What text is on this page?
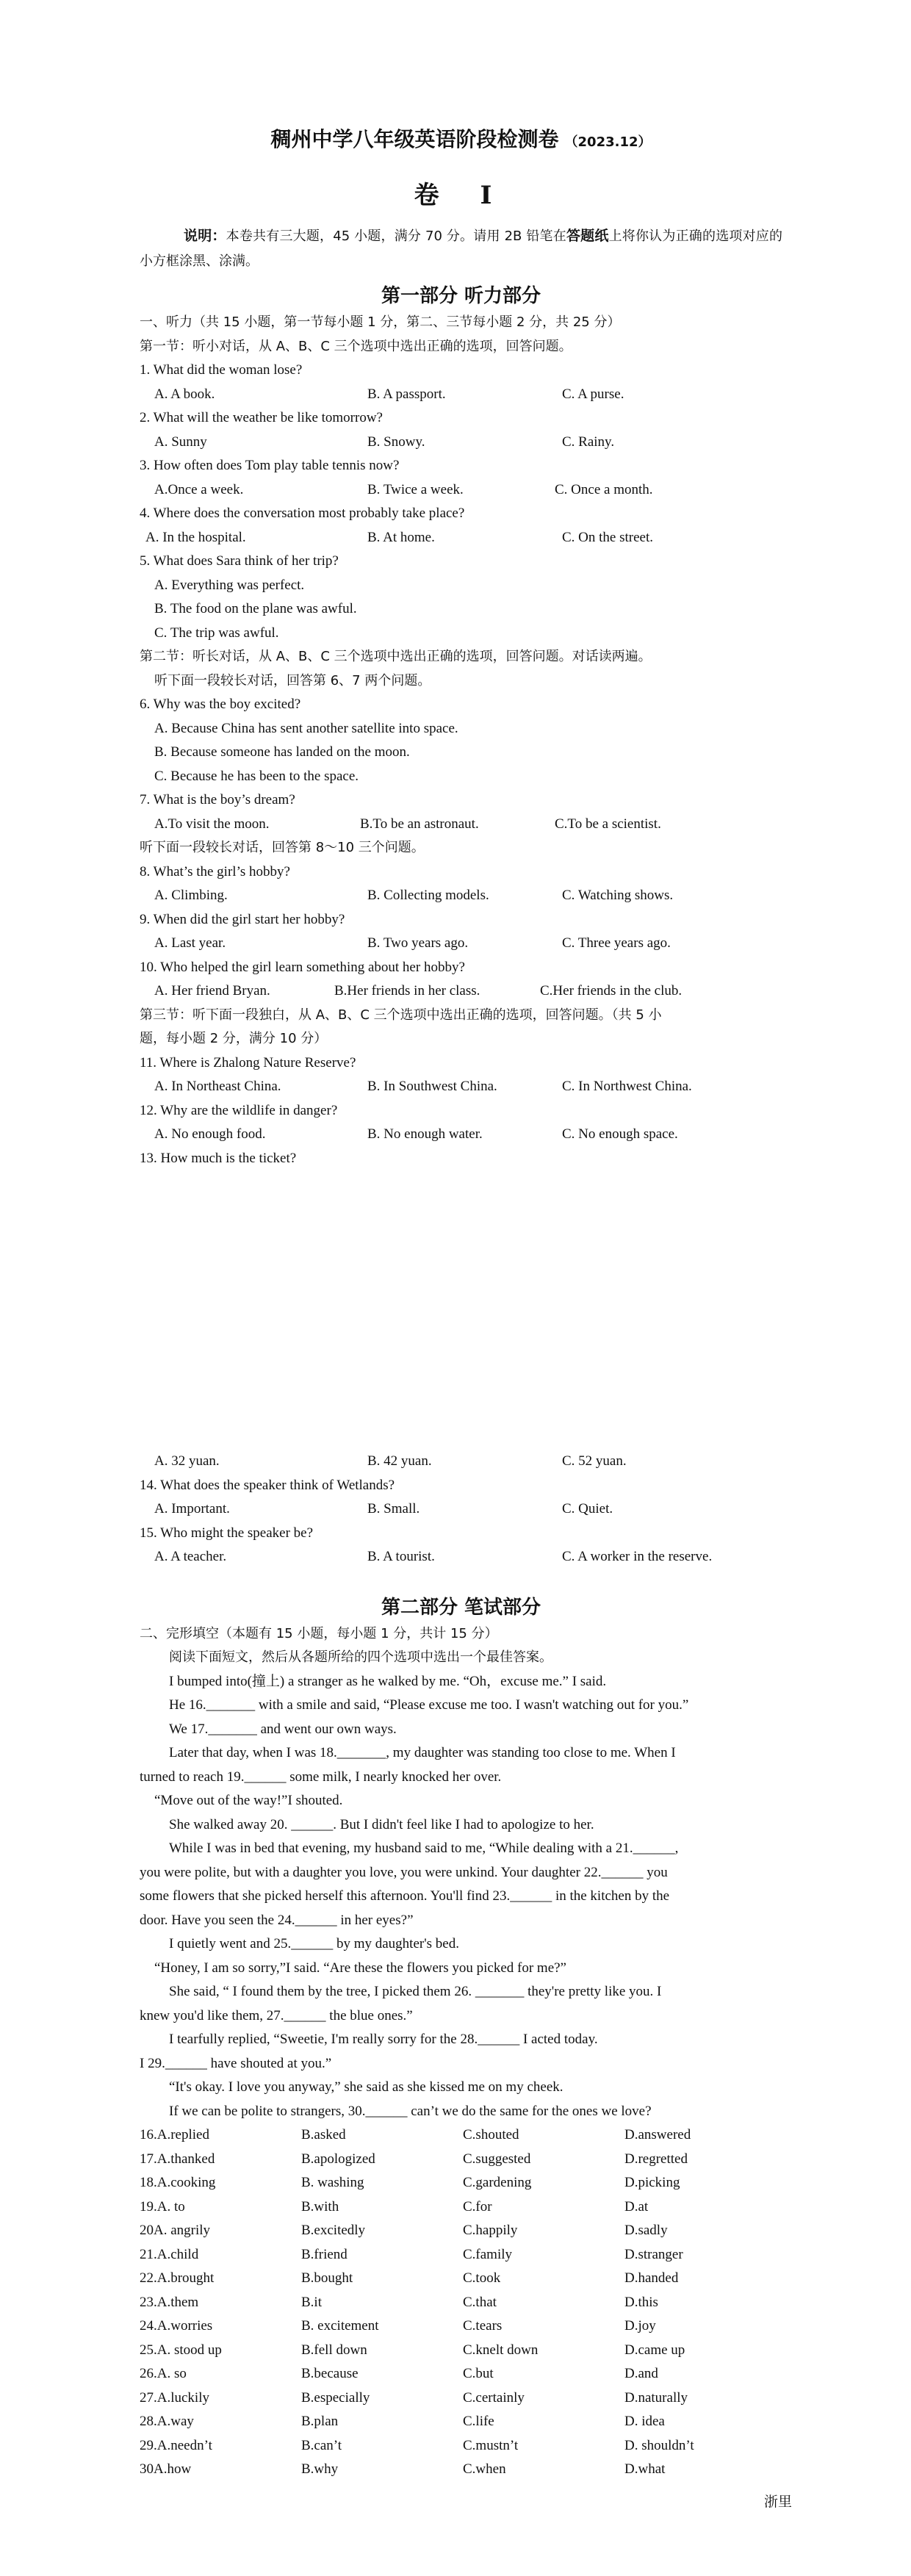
稠州中学八年级英语阶段检测卷 （2023.12）
卷 I
说明：本卷共有三大题，45 小题，满分 70 分。请用 2B 铅笔在答题纸上将你认为正确的选项对应的小方框涂黑、涂满。
第一部分 听力部分
一、听力（共 15 小题，第一节每小题 1 分，第二、三节每小题 2 分，共 25 分）
第一节：听小对话，从 A、B、C 三个选项中选出正确的选项，回答问题。
1. What did the woman lose?
A. A book.	B. A passport.	C. A purse.
2. What will the weather be like tomorrow?
A. Sunny	B. Snowy.	C. Rainy.
3. How often does Tom play table tennis now?
A.Once a week.	B. Twice a week.	C. Once a month.
4. Where does the conversation most probably take place?
A. In the hospital.	B. At home.	C. On the street.
5. What does Sara think of her trip?
A. Everything was perfect.
B. The food on the plane was awful.
C. The trip was awful.
第二节：听长对话，从 A、B、C 三个选项中选出正确的选项，回答问题。对话读两遍。
听下面一段较长对话，回答第 6、7 两个问题。
6. Why was the boy excited?
A. Because China has sent another satellite into space.
B. Because someone has landed on the moon.
C. Because he has been to the space.
7. What is the boy’s dream?
A.To visit the moon.	B.To be an astronaut.	C.To be a scientist.
听下面一段较长对话，回答第 8～10 三个问题。
8. What’s the girl’s hobby?
A. Climbing.	B. Collecting models.	C. Watching shows.
9. When did the girl start her hobby?
A. Last year.	B. Two years ago.	C. Three years ago.
10. Who helped the girl learn something about her hobby?
A. Her friend Bryan.	B.Her friends in her class.	C.Her friends in the club.
第三节：听下面一段独白，从 A、B、C 三个选项中选出正确的选项，回答问题。（共 5 小
题，每小题 2 分，满分 10 分）
11. Where is Zhalong Nature Reserve?
A. In Northeast China.	B. In Southwest China.	C. In Northwest China.
12. Why are the wildlife in danger?
A. No enough food.	B. No enough water.	C. No enough space.
13. How much is the ticket?
A. 32 yuan.	B. 42 yuan.	C. 52 yuan.
14. What does the speaker think of Wetlands?
A. Important.	B. Small.	C. Quiet.
15. Who might the speaker be?
A. A teacher.	B. A tourist.	C. A worker in the reserve.
第二部分 笔试部分
二、完形填空（本题有 15 小题，每小题 1 分，共计 15 分）
阅读下面短文，然后从各题所给的四个选项中选出一个最佳答案。
I bumped into(撞上) a stranger as he walked by me. “Oh，excuse me.” I said.
He 16._______ with a smile and said, “Please excuse me too. I wasn't watching out for you.”
We 17._______ and went our own ways.
Later that day, when I was 18._______, my daughter was standing too close to me. When I
turned to reach 19.______ some milk, I nearly knocked her over.
“Move out of the way!”I shouted.
She walked away 20. ______. But I didn't feel like I had to apologize to her.
While I was in bed that evening, my husband said to me, “While dealing with a 21.______,
you were polite, but with a daughter you love, you were unkind. Your daughter 22.______ you
some flowers that she picked herself this afternoon. You'll find 23.______ in the kitchen by the
door. Have you seen the 24.______ in her eyes?”
I quietly went and 25.______ by my daughter's bed.
“Honey, I am so sorry,”I said. “Are these the flowers you picked for me?”
She said, “ I found them by the tree, I picked them 26. _______ they're pretty like you. I
knew you'd like them, 27.______ the blue ones.”
I tearfully replied, “Sweetie, I'm really sorry for the 28.______ I acted today.
I 29.______ have shouted at you.”
“It's okay. I love you anyway,” she said as she kissed me on my cheek.
If we can be polite to strangers, 30.______ can’t we do the same for the ones we love?
16.A.replied	B.asked	C.shouted	D.answered
17.A.thanked	B.apologized	C.suggested	D.regretted
18.A.cooking	B. washing	C.gardening	D.picking
19.A. to	B.with	C.for	D.at
20A. angrily	B.excitedly	C.happily	D.sadly
21.A.child	B.friend	C.family	D.stranger
22.A.brought	B.bought	C.took	D.handed
23.A.them	B.it	C.that	D.this
24.A.worries	B. excitement	C.tears	D.joy
25.A. stood up	B.fell down	C.knelt down	D.came up
26.A. so	B.because	C.but	D.and
27.A.luckily	B.especially	C.certainly	D.naturally
28.A.way	B.plan	C.life	D. idea
29.A.needn’t	B.can’t	C.mustn’t	D. shouldn’t
30A.how	B.why	C.when	D.what
浙里
